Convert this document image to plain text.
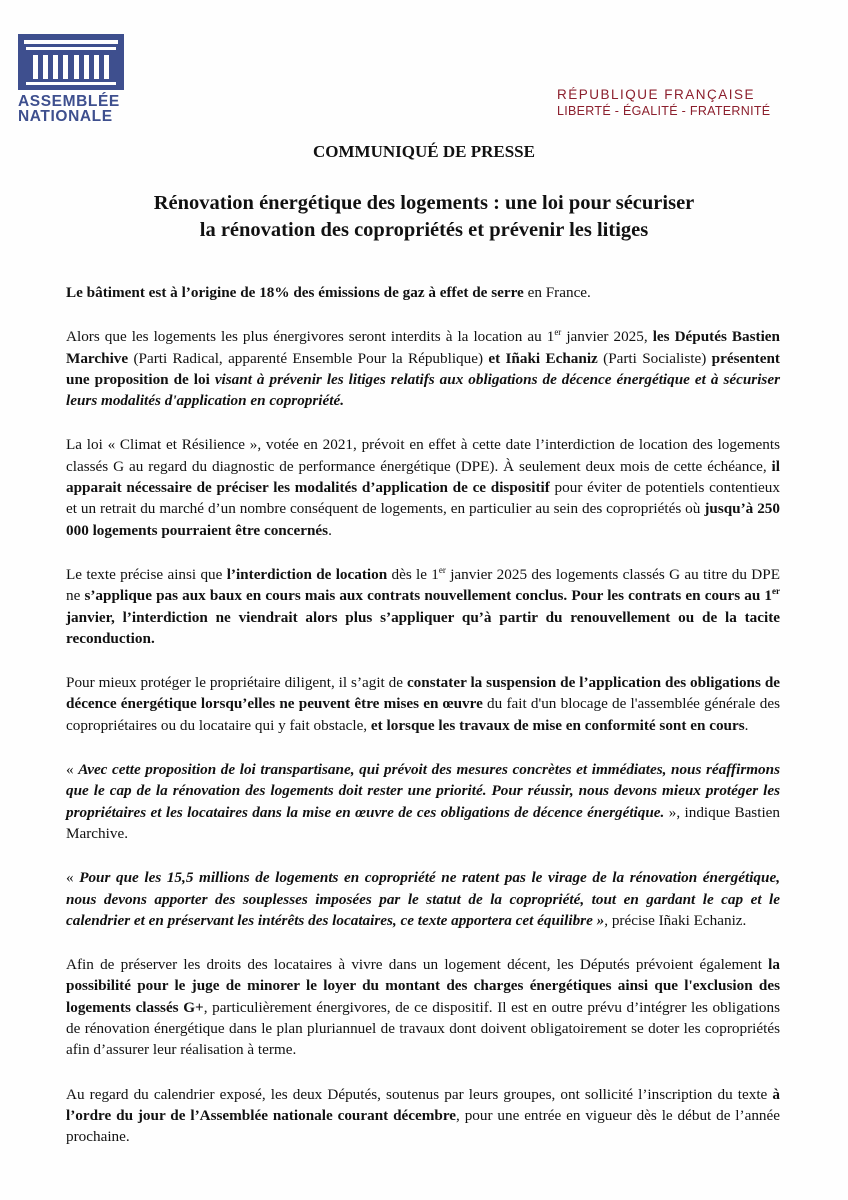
ASSEMBLÉE
NATIONALE
RÉPUBLIQUE FRANÇAISE
LIBERTÉ - ÉGALITÉ - FRATERNITÉ
COMMUNIQUÉ DE PRESSE
Rénovation énergétique des logements : une loi pour sécuriser
la rénovation des copropriétés et prévenir les litiges

Le bâtiment est à l’origine de 18% des émissions de gaz à effet de serre en France.

Alors que les logements les plus énergivores seront interdits à la location au 1er janvier 2025, les Députés Bastien Marchive (Parti Radical, apparenté Ensemble Pour la République) et Iñaki Echaniz (Parti Socialiste) présentent une proposition de loi visant à prévenir les litiges relatifs aux obligations de décence énergétique et à sécuriser leurs modalités d'application en copropriété.

La loi « Climat et Résilience », votée en 2021, prévoit en effet à cette date l’interdiction de location des logements classés G au regard du diagnostic de performance énergétique (DPE). À seulement deux mois de cette échéance, il apparait nécessaire de préciser les modalités d’application de ce dispositif pour éviter de potentiels contentieux et un retrait du marché d’un nombre conséquent de logements, en particulier au sein des copropriétés où jusqu’à 250 000 logements pourraient être concernés.

Le texte précise ainsi que l’interdiction de location dès le 1er janvier 2025 des logements classés G au titre du DPE ne s’applique pas aux baux en cours mais aux contrats nouvellement conclus. Pour les contrats en cours au 1er janvier, l’interdiction ne viendrait alors plus s’appliquer qu’à partir du renouvellement ou de la tacite reconduction.

Pour mieux protéger le propriétaire diligent, il s’agit de constater la suspension de l’application des obligations de décence énergétique lorsqu’elles ne peuvent être mises en œuvre du fait d'un blocage de l'assemblée générale des copropriétaires ou du locataire qui y fait obstacle, et lorsque les travaux de mise en conformité sont en cours.

« Avec cette proposition de loi transpartisane, qui prévoit des mesures concrètes et immédiates, nous réaffirmons que le cap de la rénovation des logements doit rester une priorité. Pour réussir, nous devons mieux protéger les propriétaires et les locataires dans la mise en œuvre de ces obligations de décence énergétique. », indique Bastien Marchive.

« Pour que les 15,5 millions de logements en copropriété ne ratent pas le virage de la rénovation énergétique, nous devons apporter des souplesses imposées par le statut de la copropriété, tout en gardant le cap et le calendrier et en préservant les intérêts des locataires, ce texte apportera cet équilibre », précise Iñaki Echaniz.

Afin de préserver les droits des locataires à vivre dans un logement décent, les Députés prévoient également la possibilité pour le juge de minorer le loyer du montant des charges énergétiques ainsi que l'exclusion des logements classés G+, particulièrement énergivores, de ce dispositif. Il est en outre prévu d’intégrer les obligations de rénovation énergétique dans le plan pluriannuel de travaux dont doivent obligatoirement se doter les copropriétés afin d’assurer leur réalisation à terme.

Au regard du calendrier exposé, les deux Députés, soutenus par leurs groupes, ont sollicité l’inscription du texte à l’ordre du jour de l’Assemblée nationale courant décembre, pour une entrée en vigueur dès le début de l’année prochaine.
